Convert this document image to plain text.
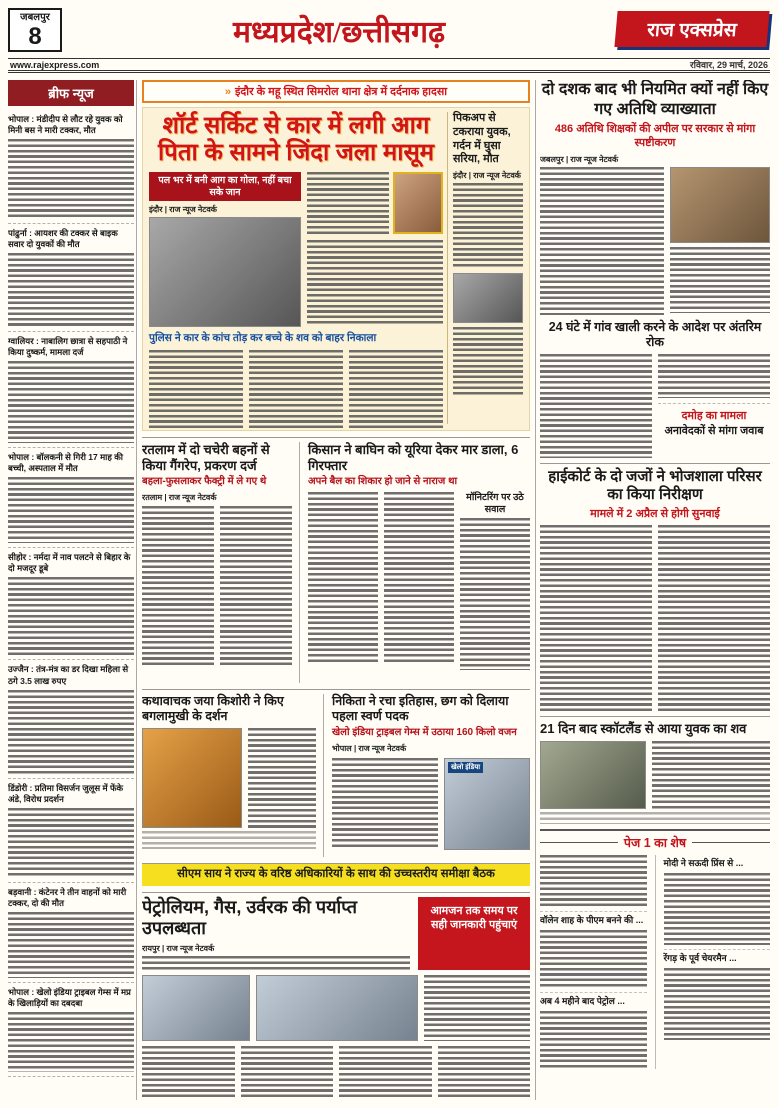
जबलपुर
8	मध्यप्रदेश/छत्तीसगढ़	राज एक्सप्रेस
www.rajexpress.com	रविवार, 29 मार्च, 2026
ब्रीफ न्यूज
भोपाल : मंडीदीप से लौट रहे युवक को मिनी बस ने मारी टक्कर, मौत
पांढुर्ना : आयशर की टक्कर से बाइक सवार दो युवकों की मौत
ग्वालियर : नाबालिग छात्रा से सहपाठी ने किया दुष्कर्म, मामला दर्ज
भोपाल : बॉलकनी से गिरी 17 माह की बच्ची, अस्पताल में मौत
सीहोर : नर्मदा में नाव पलटने से बिहार के दो मजदूर डूबे
उज्जैन : तंत्र-मंत्र का डर दिखा महिला से ठगे 3.5 लाख रुपए
डिंडोरी : प्रतिमा विसर्जन जुलूस में फेंके अंडे, विरोध प्रदर्शन
बड़वानी : कंटेनर ने तीन वाहनों को मारी टक्कर, दो की मौत
भोपाल : खेलो इंडिया ट्राइबल गेम्स में मप्र के खिलाड़ियों का दबदबा
» इंदौर के महू स्थित सिमरोल थाना क्षेत्र में दर्दनाक हादसा
शॉर्ट सर्किट से कार में लगी आग
पिता के सामने जिंदा जला मासूम
पल भर में बनी आग का गोला, नहीं बचा सके जान
इंदौर | राज न्यूज नेटवर्क
पुलिस ने कार के कांच तोड़ कर बच्चे के शव को बाहर निकाला
पिकअप से टकराया युवक, गर्दन में घुसा सरिया, मौत
इंदौर | राज न्यूज नेटवर्क
रतलाम में दो चचेरी बहनों से किया गैंगरेप, प्रकरण दर्ज
बहला-फुसलाकर फैक्ट्री में ले गए थे
रतलाम | राज न्यूज नेटवर्क
किसान ने बाघिन को यूरिया देकर मार डाला, 6 गिरफ्तार
अपने बैल का शिकार हो जाने से नाराज था
मॉनिटरिंग पर उठे सवाल
कथावाचक जया किशोरी ने किए बगलामुखी के दर्शन
निकिता ने रचा इतिहास, छग को दिलाया पहला स्वर्ण पदक
खेलो इंडिया ट्राइबल गेम्स में उठाया 160 किलो वजन
भोपाल | राज न्यूज नेटवर्क
खेलो इंडिया
सीएम साय ने राज्य के वरिष्ठ अधिकारियों के साथ की उच्चस्तरीय समीक्षा बैठक
पेट्रोलियम, गैस, उर्वरक की पर्याप्त उपलब्धता
रायपुर | राज न्यूज नेटवर्क
आमजन तक समय पर सही जानकारी पहुंचाएं
दो दशक बाद भी नियमित क्यों नहीं किए गए अतिथि व्याख्याता
486 अतिथि शिक्षकों की अपील पर सरकार से मांगा स्पष्टीकरण
जबलपुर | राज न्यूज नेटवर्क
24 घंटे में गांव खाली करने के आदेश पर अंतरिम रोक
दमोह का मामला
अनावेदकों से मांगा जवाब
हाईकोर्ट के दो जजों ने भोजशाला परिसर का किया निरीक्षण
मामले में 2 अप्रैल से होगी सुनवाई
21 दिन बाद स्कॉटलैंड से आया युवक का शव
पेज 1 का शेष
वॉलेन शाह के पीएम बनने की ...
अब 4 महीने बाद पेट्रोल ...
मोदी ने सऊदी प्रिंस से ...
रेंगड़ के पूर्व चेयरमैन ...
